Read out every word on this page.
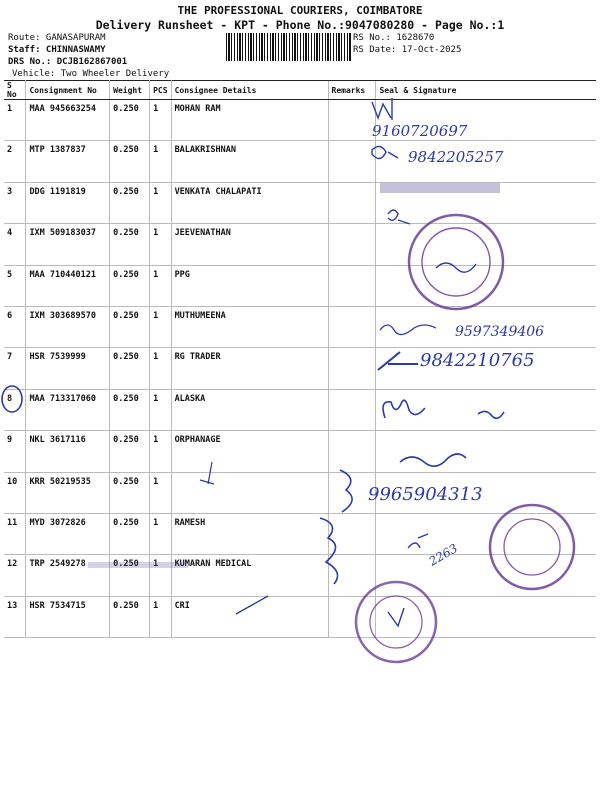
THE PROFESSIONAL COURIERS, COIMBATORE
Delivery Runsheet - KPT - Phone No.:9047080280 - Page No.:1
Route: GANASAPURAM
Staff: CHINNASWAMY
DRS No.: DCJB162867001
Vehicle: Two Wheeler Delivery
RS No.: 1628670
RS Date: 17-Oct-2025
S No	Consignment No	Weight	PCS	Consignee Details	Remarks	Seal & Signature
1	MAA 945663254	0.250	1	MOHAN RAM		
2	MTP 1387837	0.250	1	BALAKRISHNAN		
3	DDG 1191819	0.250	1	VENKATA CHALAPATI		
4	IXM 509183037	0.250	1	JEEVENATHAN		
5	MAA 710440121	0.250	1	PPG		
6	IXM 303689570	0.250	1	MUTHUMEENA		
7	HSR 7539999	0.250	1	RG TRADER		
8	MAA 713317060	0.250	1	ALASKA		
9	NKL 3617116	0.250	1	ORPHANAGE		
10	KRR 50219535	0.250	1			
11	MYD 3072826	0.250	1	RAMESH		
12	TRP 2549278	0.250	1	KUMARAN MEDICAL		
13	HSR 7534715	0.250	1	CRI		
9160720697
9842205257
9597349406
9842210765
9965904313
2263
